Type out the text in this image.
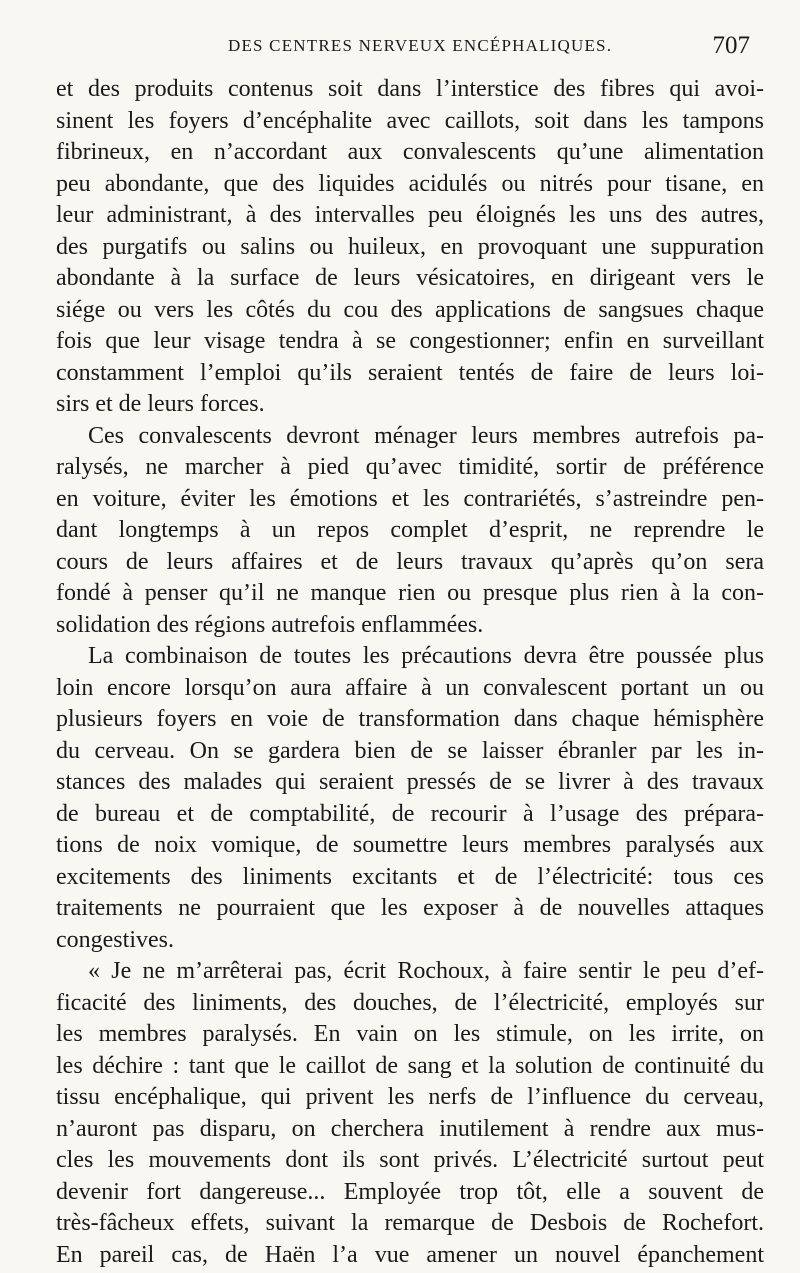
DES CENTRES NERVEUX ENCÉPHALIQUES.	707
et des produits contenus soit dans l’interstice des fibres qui avoi-
sinent les foyers d’encéphalite avec caillots, soit dans les tampons
fibrineux, en n’accordant aux convalescents qu’une alimentation
peu abondante, que des liquides acidulés ou nitrés pour tisane, en
leur administrant, à des intervalles peu éloignés les uns des autres,
des purgatifs ou salins ou huileux, en provoquant une suppuration
abondante à la surface de leurs vésicatoires, en dirigeant vers le
siége ou vers les côtés du cou des applications de sangsues chaque
fois que leur visage tendra à se congestionner; enfin en surveillant
constamment l’emploi qu’ils seraient tentés de faire de leurs loi-
sirs et de leurs forces.
Ces convalescents devront ménager leurs membres autrefois pa-
ralysés, ne marcher à pied qu’avec timidité, sortir de préférence
en voiture, éviter les émotions et les contrariétés, s’astreindre pen-
dant longtemps à un repos complet d’esprit, ne reprendre le
cours de leurs affaires et de leurs travaux qu’après qu’on sera
fondé à penser qu’il ne manque rien ou presque plus rien à la con-
solidation des régions autrefois enflammées.
La combinaison de toutes les précautions devra être poussée plus
loin encore lorsqu’on aura affaire à un convalescent portant un ou
plusieurs foyers en voie de transformation dans chaque hémisphère
du cerveau. On se gardera bien de se laisser ébranler par les in-
stances des malades qui seraient pressés de se livrer à des travaux
de bureau et de comptabilité, de recourir à l’usage des prépara-
tions de noix vomique, de soumettre leurs membres paralysés aux
excitements des liniments excitants et de l’électricité: tous ces
traitements ne pourraient que les exposer à de nouvelles attaques
congestives.
« Je ne m’arrêterai pas, écrit Rochoux, à faire sentir le peu d’ef-
ficacité des liniments, des douches, de l’électricité, employés sur
les membres paralysés. En vain on les stimule, on les irrite, on
les déchire : tant que le caillot de sang et la solution de continuité du
tissu encéphalique, qui privent les nerfs de l’influence du cerveau,
n’auront pas disparu, on cherchera inutilement à rendre aux mus-
cles les mouvements dont ils sont privés. L’électricité surtout peut
devenir fort dangereuse... Employée trop tôt, elle a souvent de
très-fâcheux effets, suivant la remarque de Desbois de Rochefort.
En pareil cas, de Haën l’a vue amener un nouvel épanchement
